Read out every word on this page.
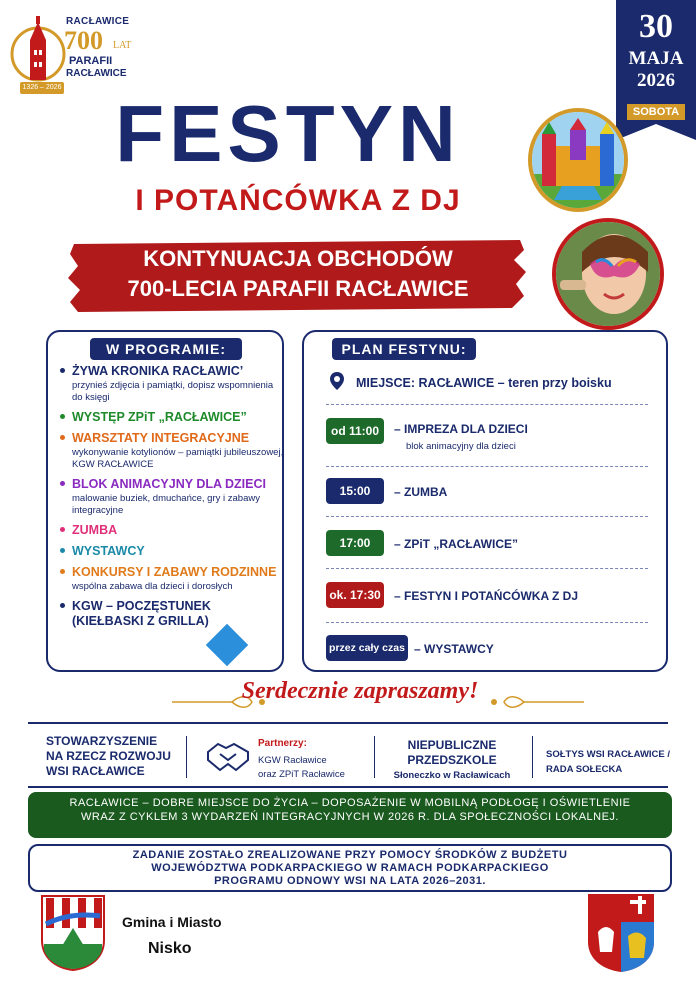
RACŁAWICE
700 LAT
PARAFII
RACŁAWICE
1326 – 2026
30
MAJA
2026
SOBOTA
FESTYN
I POTAŃCÓWKA Z DJ
KONTYNUACJA OBCHODÓW
700-LECIA PARAFII RACŁAWICE
W PROGRAMIE:
ŻYWA KRONIKA RACŁAWIC’
przynieś zdjęcia i pamiątki, dopisz wspomnienia do księgi
WYSTĘP ZPiT „RACŁAWICE”
WARSZTATY INTEGRACYJNE
wykonywanie kotylionów – pamiątki jubileuszowej, KGW RACŁAWICE
BLOK ANIMACYJNY DLA DZIECI
malowanie buziek, dmuchańce, gry i zabawy integracyjne
ZUMBA
WYSTAWCY
KONKURSY I ZABAWY RODZINNE
wspólna zabawa dla dzieci i dorosłych
KGW – POCZĘSTUNEK (KIEŁBASKI Z GRILLA)
PLAN FESTYNU:
MIEJSCE: RACŁAWICE – teren przy boisku
od 11:00	– IMPREZA DLA DZIECI
blok animacyjny dla dzieci
15:00	– ZUMBA
17:00	– ZPiT „RACŁAWICE”
ok. 17:30 – FESTYN I POTAŃCÓWKA Z DJ
przez cały czas – WYSTAWCY
Serdecznie zapraszamy!
STOWARZYSZENIE NA RZECZ ROZWOJU WSI RACŁAWICE
Partnerzy:
KGW Racławice
oraz ZPiT Racławice
NIEPUBLICZNE PRZEDSZKOLE
Słoneczko w Racławicach
SOŁTYS WSI RACŁAWICE / RADA SOŁECKA
RACŁAWICE – DOBRE MIEJSCE DO ŻYCIA – DOPOSAŻENIE W MOBILNĄ PODŁOGĘ I OŚWIETLENIE WRAZ Z CYKLEM 3 WYDARZEŃ INTEGRACYJNYCH W 2026 R. DLA SPOŁECZNOŚCI LOKALNEJ.
ZADANIE ZOSTAŁO ZREALIZOWANE PRZY POMOCY ŚRODKÓW Z BUDŻETU WOJEWÓDZTWA PODKARPACKIEGO W RAMACH PODKARPACKIEGO PROGRAMU ODNOWY WSI NA LATA 2026–2031.
Gmina i Miasto
Nisko
